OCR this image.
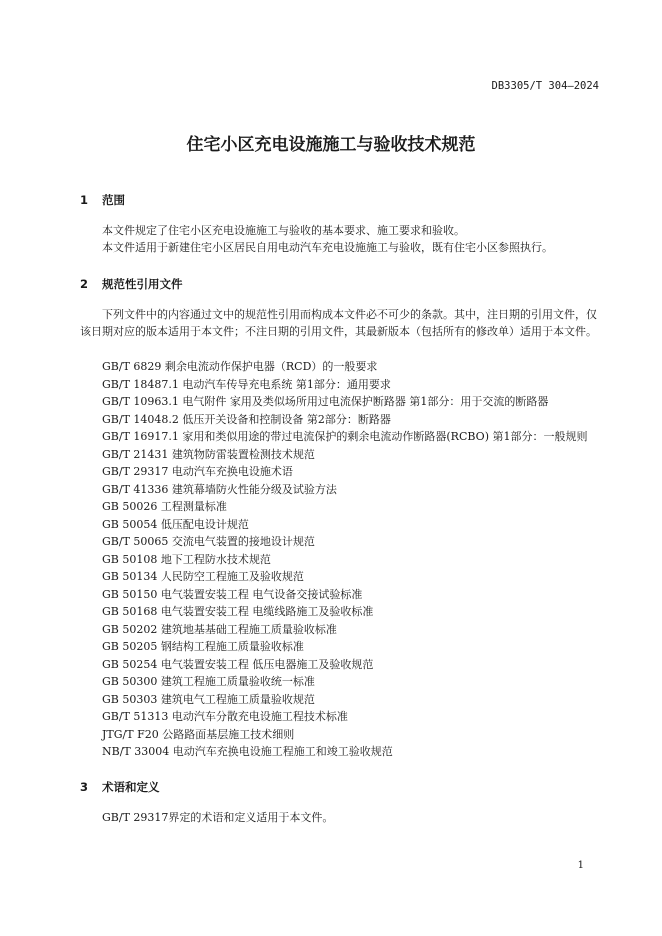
DB3305/T 304—2024
住宅小区充电设施施工与验收技术规范
1 范围
本文件规定了住宅小区充电设施施工与验收的基本要求、施工要求和验收。
本文件适用于新建住宅小区居民自用电动汽车充电设施施工与验收，既有住宅小区参照执行。
2 规范性引用文件
下列文件中的内容通过文中的规范性引用而构成本文件必不可少的条款。其中，注日期的引用文件，仅该日期对应的版本适用于本文件；不注日期的引用文件，其最新版本（包括所有的修改单）适用于本文件。
GB/T 6829 剩余电流动作保护电器（RCD）的一般要求
GB/T 18487.1 电动汽车传导充电系统 第1部分：通用要求
GB/T 10963.1 电气附件 家用及类似场所用过电流保护断路器 第1部分：用于交流的断路器
GB/T 14048.2 低压开关设备和控制设备 第2部分：断路器
GB/T 16917.1 家用和类似用途的带过电流保护的剩余电流动作断路器(RCBO) 第1部分：一般规则
GB/T 21431 建筑物防雷装置检测技术规范
GB/T 29317 电动汽车充换电设施术语
GB/T 41336 建筑幕墙防火性能分级及试验方法
GB 50026 工程测量标准
GB 50054 低压配电设计规范
GB/T 50065 交流电气装置的接地设计规范
GB 50108 地下工程防水技术规范
GB 50134 人民防空工程施工及验收规范
GB 50150 电气装置安装工程 电气设备交接试验标准
GB 50168 电气装置安装工程 电缆线路施工及验收标准
GB 50202 建筑地基基础工程施工质量验收标准
GB 50205 钢结构工程施工质量验收标准
GB 50254 电气装置安装工程 低压电器施工及验收规范
GB 50300 建筑工程施工质量验收统一标准
GB 50303 建筑电气工程施工质量验收规范
GB/T 51313 电动汽车分散充电设施工程技术标准
JTG/T F20 公路路面基层施工技术细则
NB/T 33004 电动汽车充换电设施工程施工和竣工验收规范
3 术语和定义
GB/T 29317界定的术语和定义适用于本文件。
1
